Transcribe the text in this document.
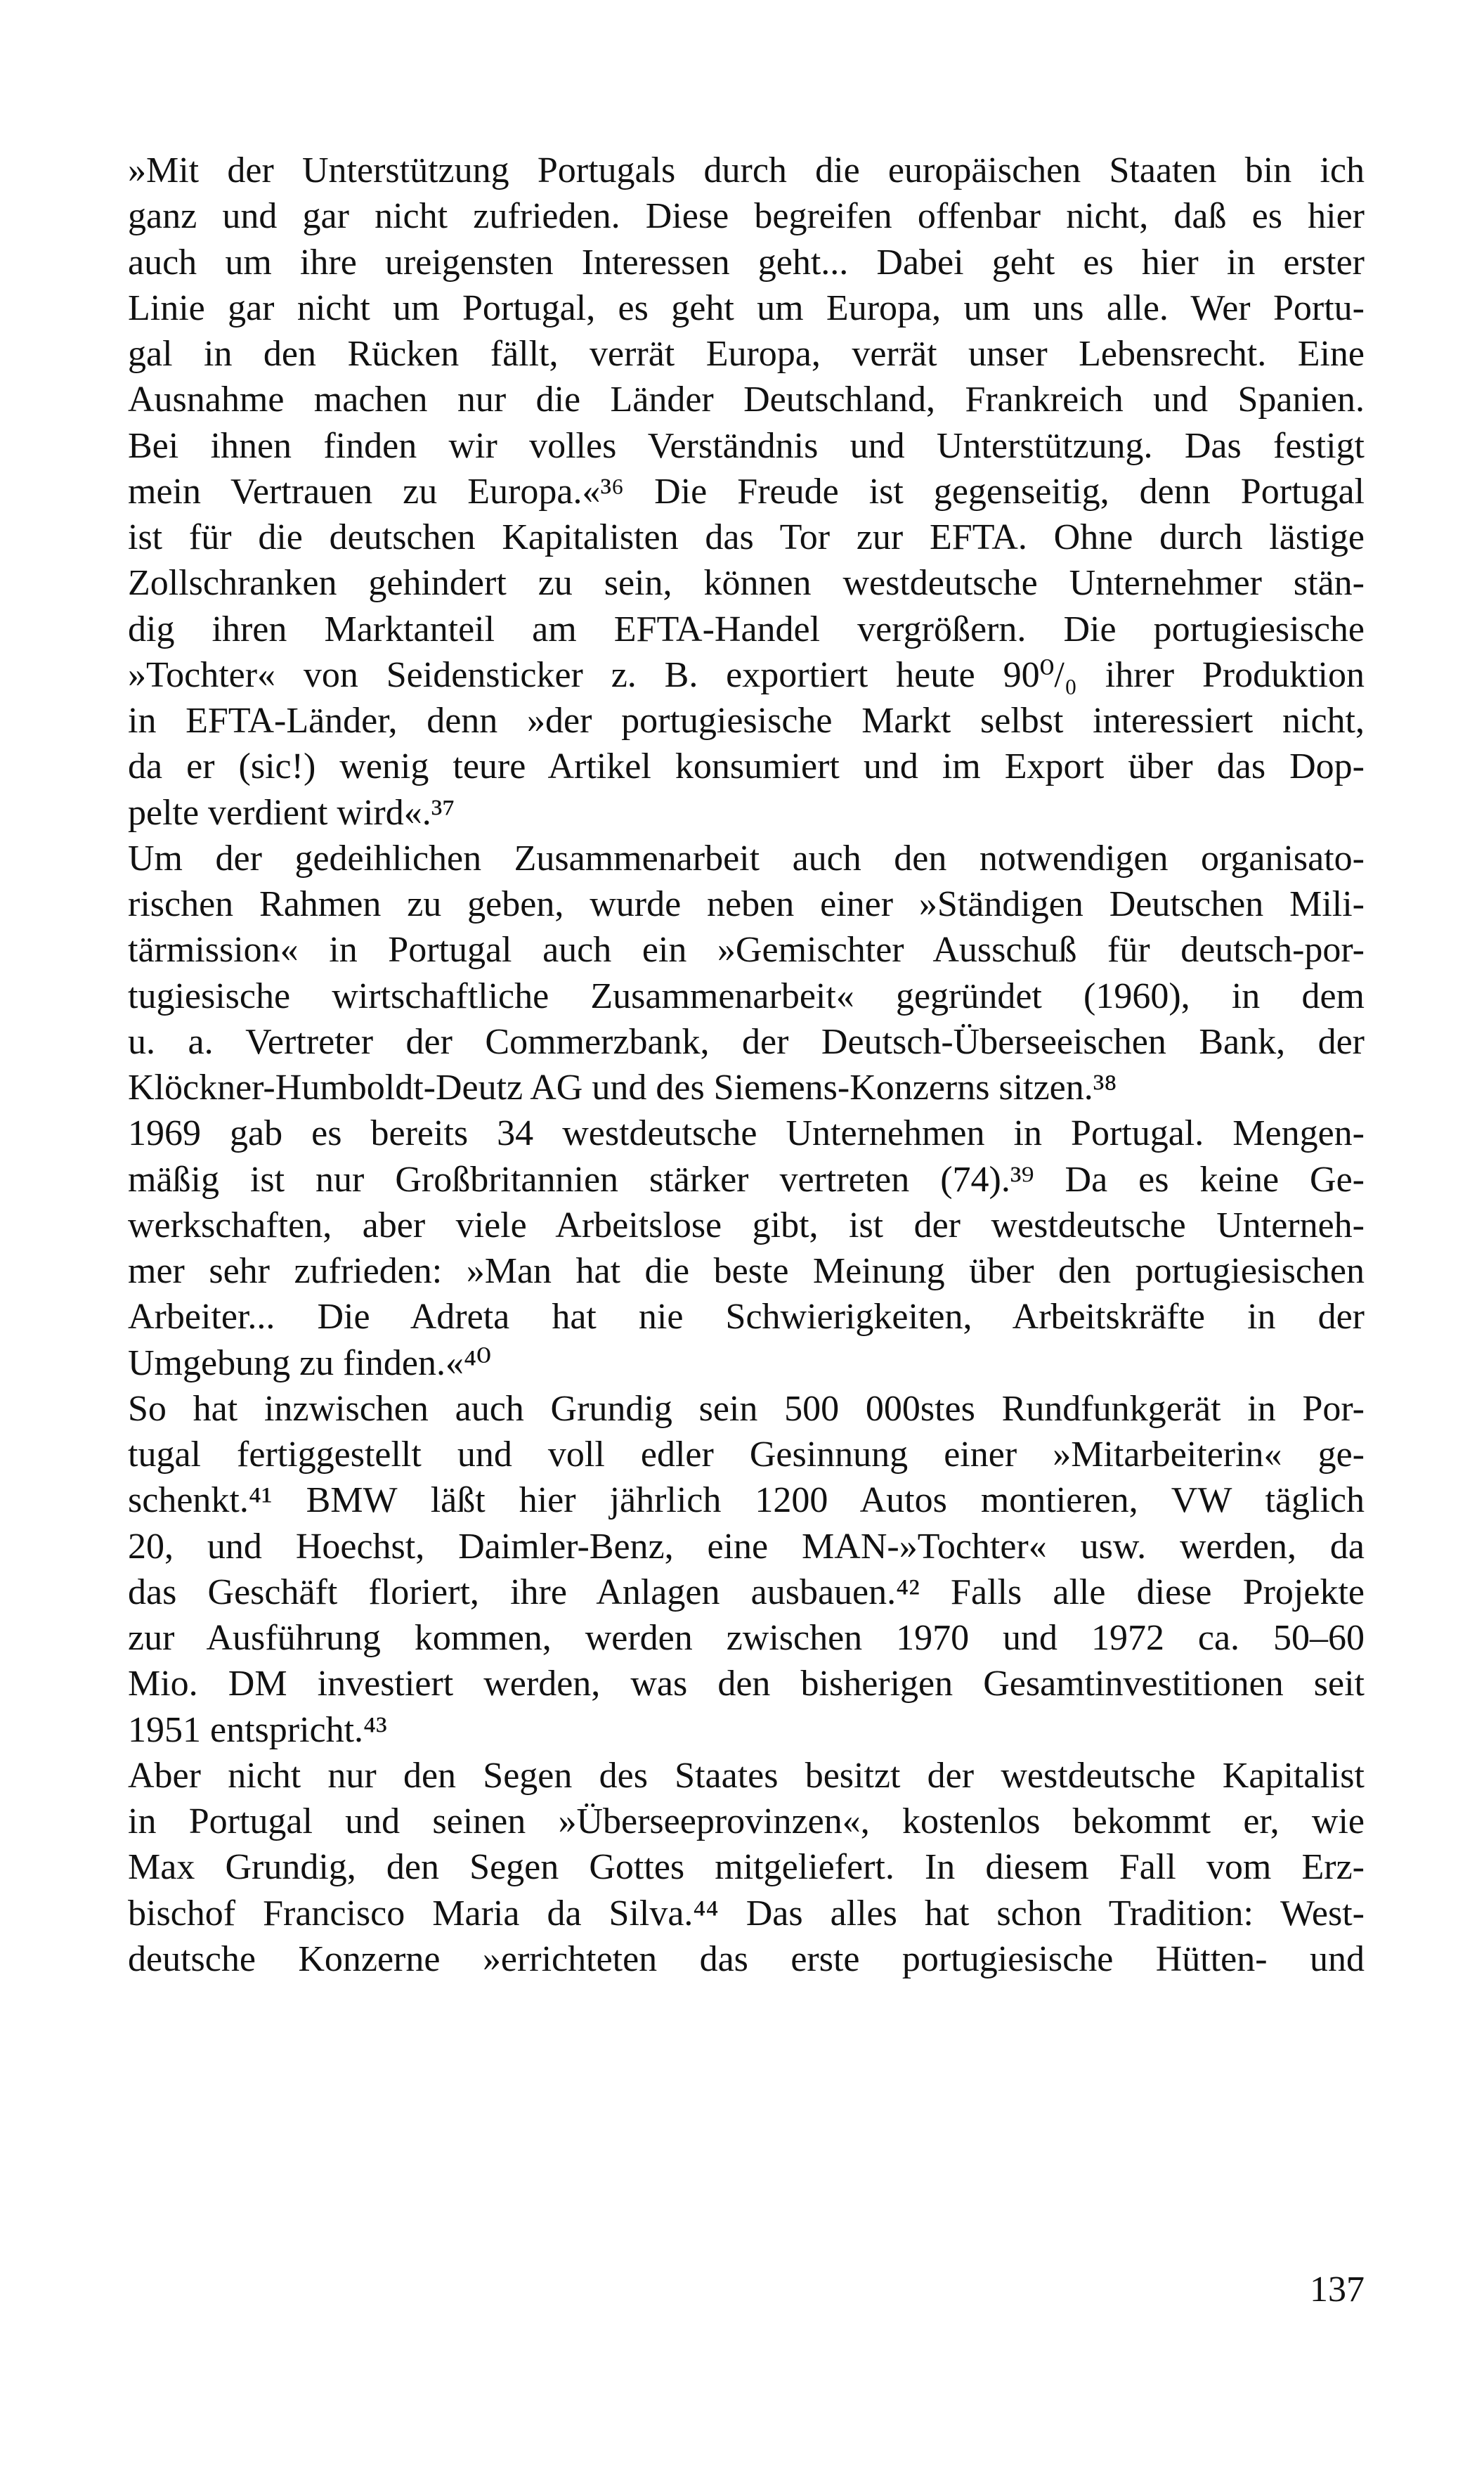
»Mit der Unterstützung Portugals durch die europäischen Staaten bin ich
ganz und gar nicht zufrieden. Diese begreifen offenbar nicht, daß es hier
auch um ihre ureigensten Interessen geht... Dabei geht es hier in erster
Linie gar nicht um Portugal, es geht um Europa, um uns alle. Wer Portu-
gal in den Rücken fällt, verrät Europa, verrät unser Lebensrecht. Eine
Ausnahme machen nur die Länder Deutschland, Frankreich und Spanien.
Bei ihnen finden wir volles Verständnis und Unterstützung. Das festigt
mein Vertrauen zu Europa.«³⁶ Die Freude ist gegenseitig, denn Portugal
ist für die deutschen Kapitalisten das Tor zur EFTA. Ohne durch lästige
Zollschranken gehindert zu sein, können westdeutsche Unternehmer stän-
dig ihren Marktanteil am EFTA-Handel vergrößern. Die portugiesische
»Tochter« von Seidensticker z. B. exportiert heute 90⁰/₀ ihrer Produktion
in EFTA-Länder, denn »der portugiesische Markt selbst interessiert nicht,
da er (sic!) wenig teure Artikel konsumiert und im Export über das Dop-
pelte verdient wird«.³⁷
Um der gedeihlichen Zusammenarbeit auch den notwendigen organisato-
rischen Rahmen zu geben, wurde neben einer »Ständigen Deutschen Mili-
tärmission« in Portugal auch ein »Gemischter Ausschuß für deutsch-por-
tugiesische wirtschaftliche Zusammenarbeit« gegründet (1960), in dem
u. a. Vertreter der Commerzbank, der Deutsch-Überseeischen Bank, der
Klöckner-Humboldt-Deutz AG und des Siemens-Konzerns sitzen.³⁸
1969 gab es bereits 34 westdeutsche Unternehmen in Portugal. Mengen-
mäßig ist nur Großbritannien stärker vertreten (74).³⁹ Da es keine Ge-
werkschaften, aber viele Arbeitslose gibt, ist der westdeutsche Unterneh-
mer sehr zufrieden: »Man hat die beste Meinung über den portugiesischen
Arbeiter... Die Adreta hat nie Schwierigkeiten, Arbeitskräfte in der
Umgebung zu finden.«⁴⁰
So hat inzwischen auch Grundig sein 500 000stes Rundfunkgerät in Por-
tugal fertiggestellt und voll edler Gesinnung einer »Mitarbeiterin« ge-
schenkt.⁴¹ BMW läßt hier jährlich 1200 Autos montieren, VW täglich
20, und Hoechst, Daimler-Benz, eine MAN-»Tochter« usw. werden, da
das Geschäft floriert, ihre Anlagen ausbauen.⁴² Falls alle diese Projekte
zur Ausführung kommen, werden zwischen 1970 und 1972 ca. 50–60
Mio. DM investiert werden, was den bisherigen Gesamtinvestitionen seit
1951 entspricht.⁴³
Aber nicht nur den Segen des Staates besitzt der westdeutsche Kapitalist
in Portugal und seinen »Überseeprovinzen«, kostenlos bekommt er, wie
Max Grundig, den Segen Gottes mitgeliefert. In diesem Fall vom Erz-
bischof Francisco Maria da Silva.⁴⁴ Das alles hat schon Tradition: West-
deutsche Konzerne »errichteten das erste portugiesische Hütten- und
137
